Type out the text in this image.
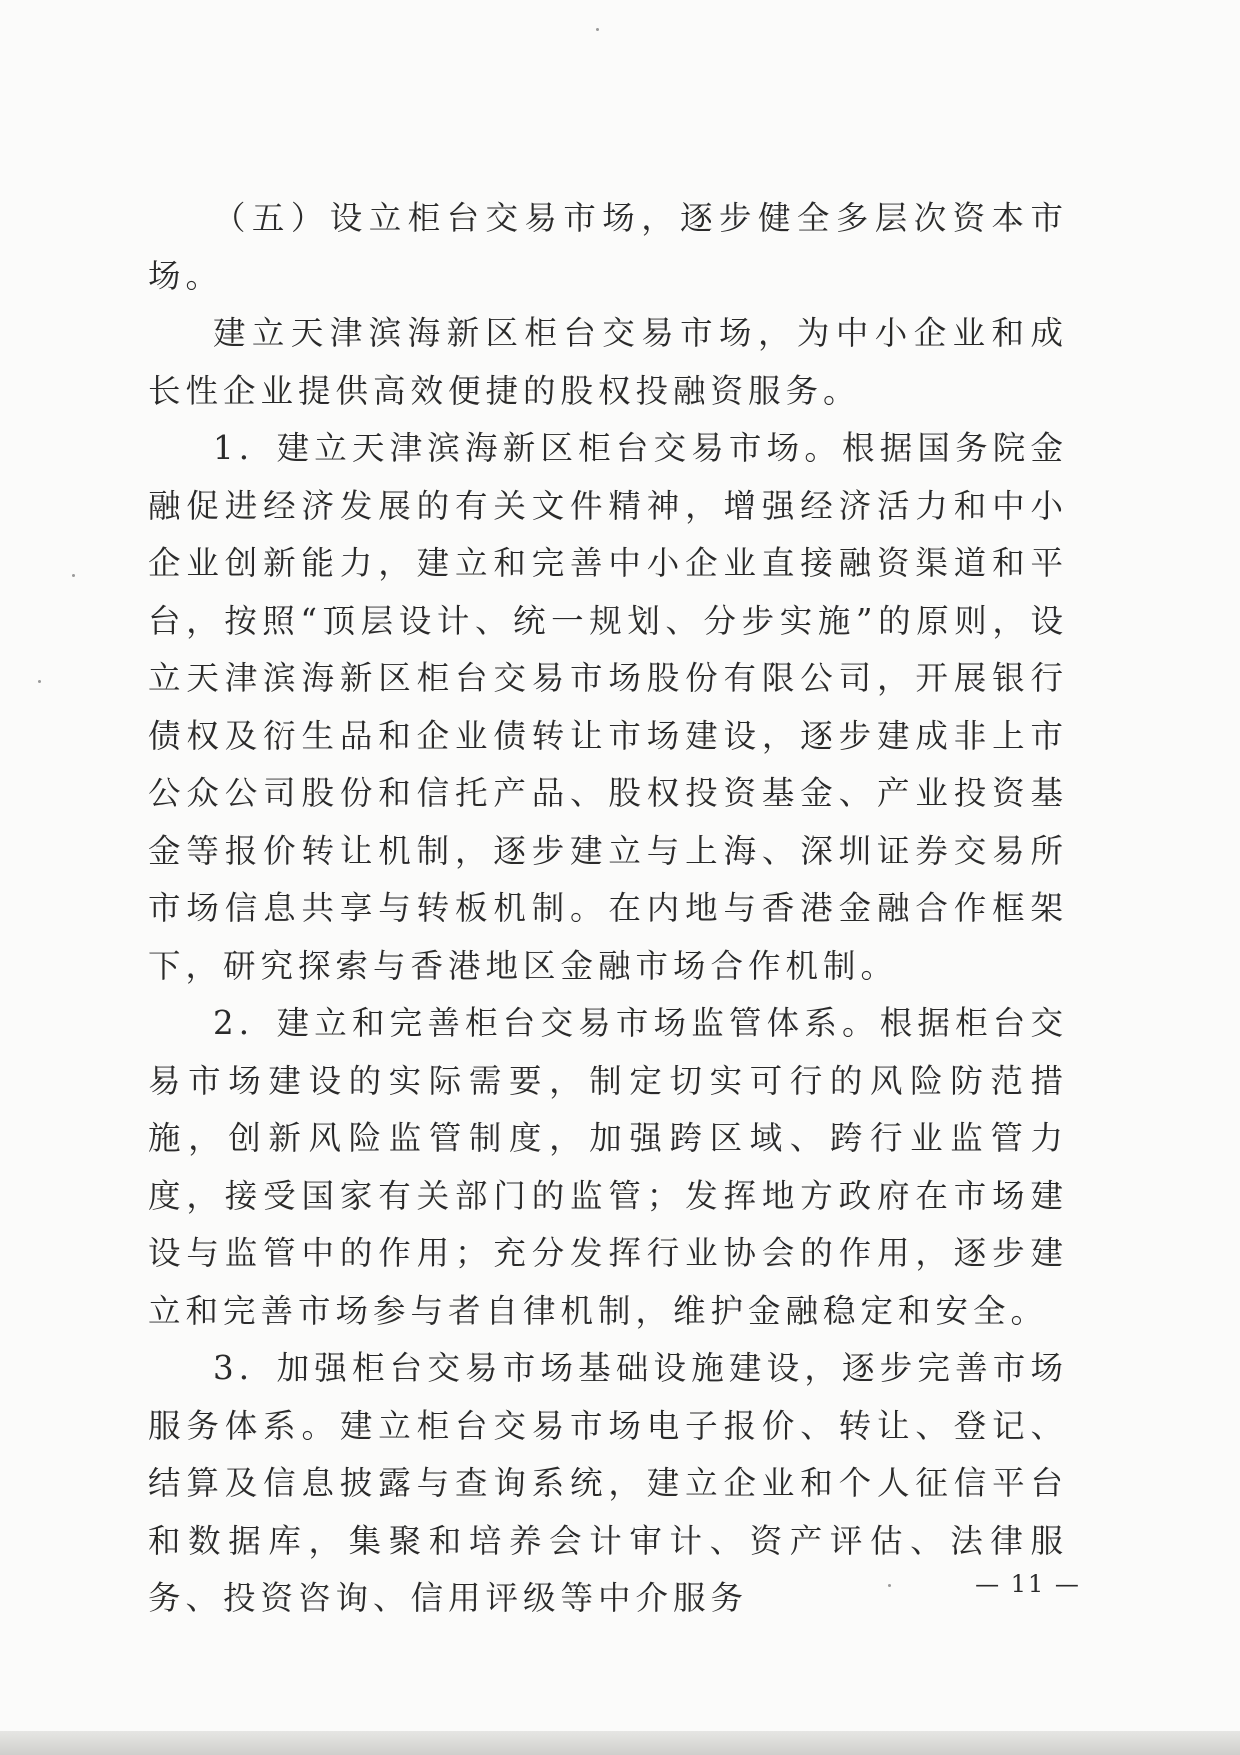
（五）设立柜台交易市场，逐步健全多层次资本市场。

建立天津滨海新区柜台交易市场，为中小企业和成长性企业提供高效便捷的股权投融资服务。

1．建立天津滨海新区柜台交易市场。根据国务院金融促进经济发展的有关文件精神，增强经济活力和中小企业创新能力，建立和完善中小企业直接融资渠道和平台，按照“顶层设计、统一规划、分步实施”的原则，设立天津滨海新区柜台交易市场股份有限公司，开展银行债权及衍生品和企业债转让市场建设，逐步建成非上市公众公司股份和信托产品、股权投资基金、产业投资基金等报价转让机制，逐步建立与上海、深圳证券交易所市场信息共享与转板机制。在内地与香港金融合作框架下，研究探索与香港地区金融市场合作机制。

2．建立和完善柜台交易市场监管体系。根据柜台交易市场建设的实际需要，制定切实可行的风险防范措施，创新风险监管制度，加强跨区域、跨行业监管力度，接受国家有关部门的监管；发挥地方政府在市场建设与监管中的作用；充分发挥行业协会的作用，逐步建立和完善市场参与者自律机制，维护金融稳定和安全。

3．加强柜台交易市场基础设施建设，逐步完善市场服务体系。建立柜台交易市场电子报价、转让、登记、结算及信息披露与查询系统，建立企业和个人征信平台和数据库，集聚和培养会计审计、资产评估、法律服务、投资咨询、信用评级等中介服务	— 11 —
